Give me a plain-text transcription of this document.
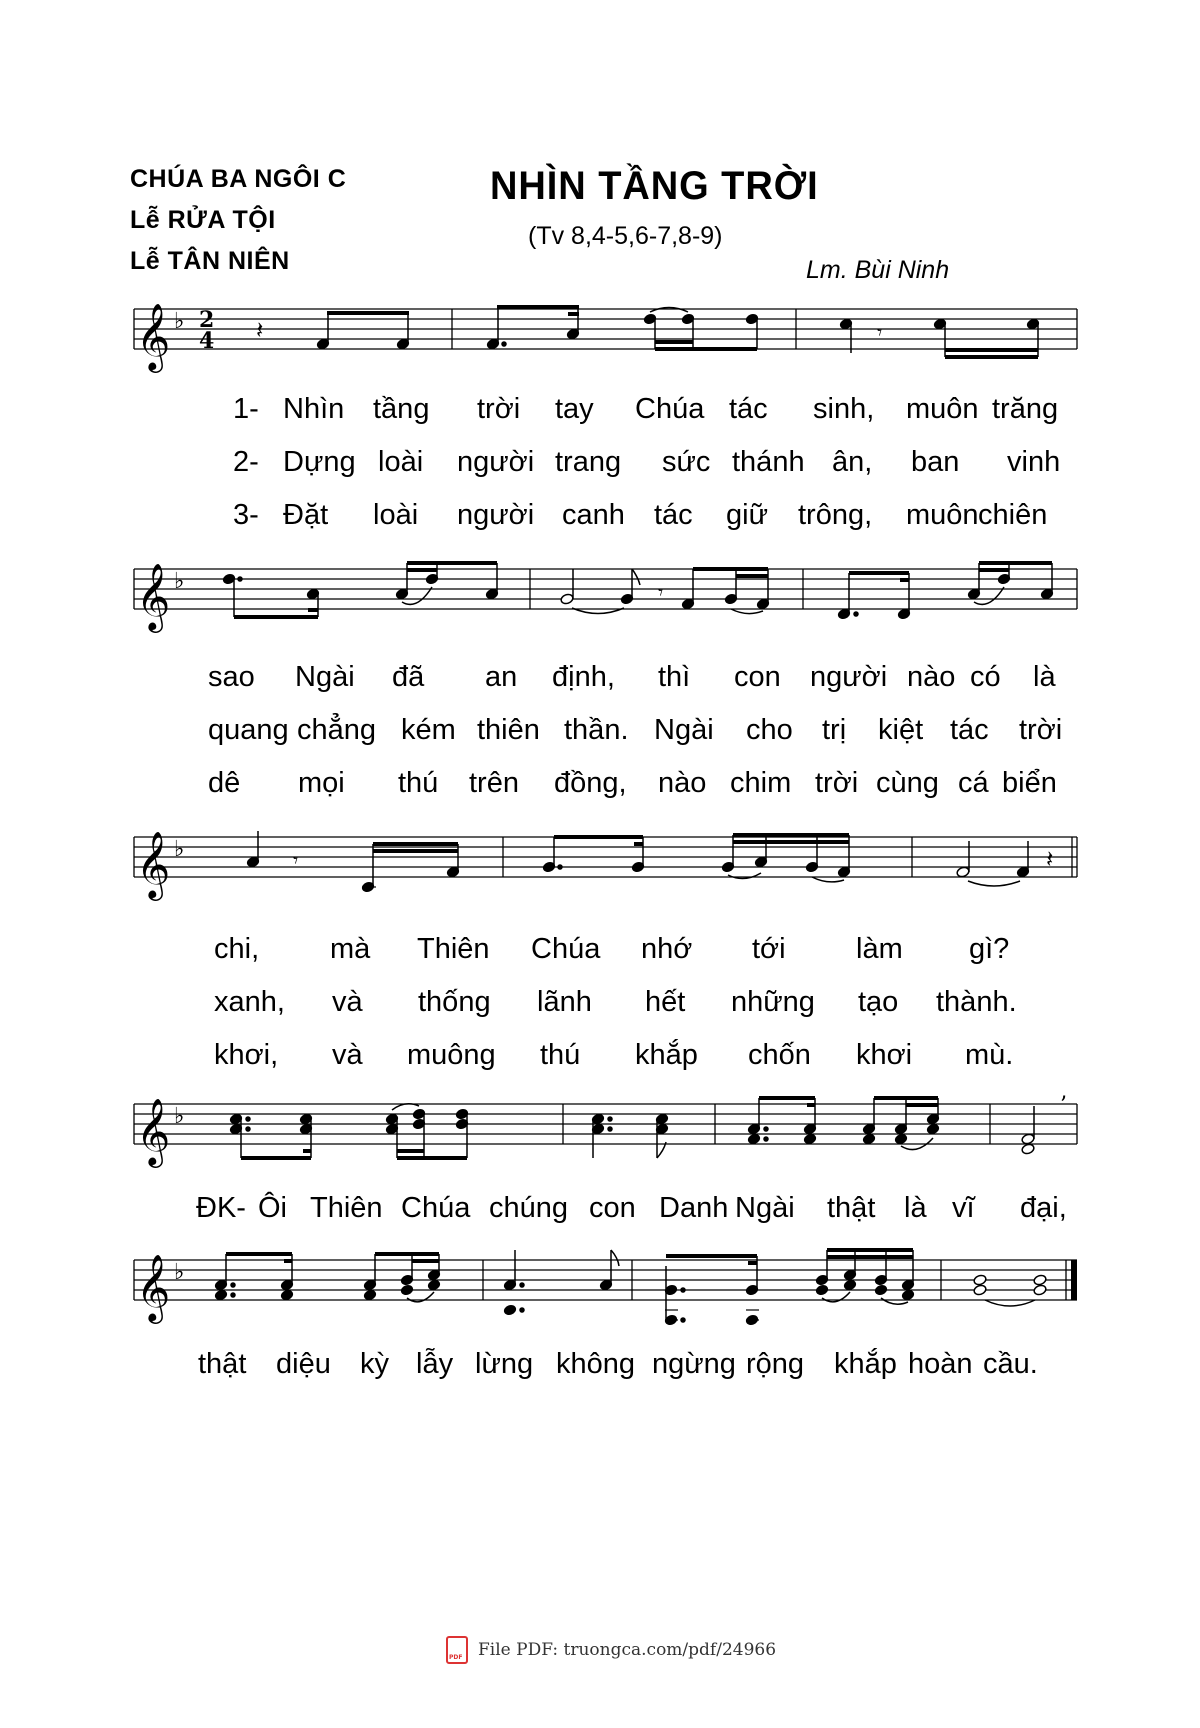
CHÚA BA NGÔI C
Lễ RỬA TỘI
Lễ TÂN NIÊN
NHÌN TẦNG TRỜI
(Tv 8,4-5,6-7,8-9)
Lm. Bùi Ninh
𝄞 ♭ 2
4 𝄽	𝄾
1-
2-
3-
Nhìn tầng trời tay Chúa tác sinh, muôn trăng
Dựng loài người trang sức thánh ân, ban vinh
Đặt loài người canh tác giữ trông, muôn chiên
𝄞 ♭	𝄾
sao Ngài đã an định, thì con người nào có là
quang chẳng kém thiên thần. Ngài cho trị kiệt tác trời
dê mọi thú trên đồng, nào chim trời cùng cá biển
𝄞 ♭	𝄾	𝄽
chi, mà Thiên Chúa nhớ tới làm gì?
xanh, và thống lãnh hết những tạo thành.
khơi, và muông thú khắp chốn khơi mù.
𝄞 ♭	’
ĐK- Ôi Thiên Chúa chúng con Danh Ngài thật là vĩ đại,
𝄞 ♭
thật diệu kỳ lẫy lừng không ngừng rộng khắp hoàn cầu.
PDF
File PDF: truongca.com/pdf/24966
